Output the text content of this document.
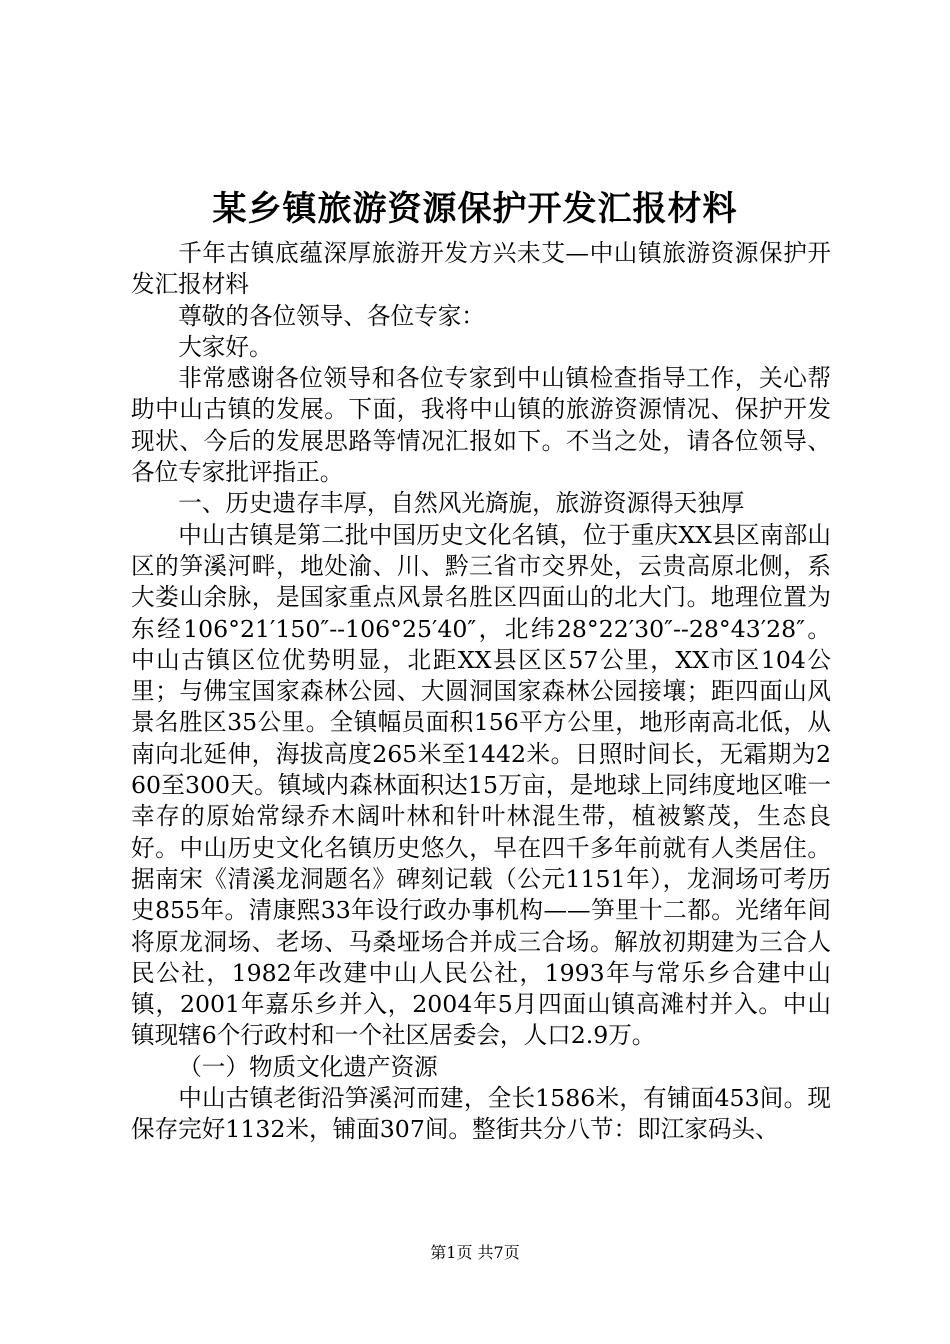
某乡镇旅游资源保护开发汇报材料

千年古镇底蕴深厚旅游开发方兴未艾—中山镇旅游资源保护开发汇报材料

尊敬的各位领导、各位专家：

大家好。

非常感谢各位领导和各位专家到中山镇检查指导工作，关心帮助中山古镇的发展。下面，我将中山镇的旅游资源情况、保护开发现状、今后的发展思路等情况汇报如下。不当之处，请各位领导、各位专家批评指正。

一、历史遗存丰厚，自然风光旖旎，旅游资源得天独厚

中山古镇是第二批中国历史文化名镇，位于重庆XX县区南部山区的笋溪河畔，地处渝、川、黔三省市交界处，云贵高原北侧，系大娄山余脉，是国家重点风景名胜区四面山的北大门。地理位置为东经106°21′150″--106°25′40″，北纬28°22′30″--28°43′28″。中山古镇区位优势明显，北距XX县区区57公里，XX市区104公里；与佛宝国家森林公园、大圆洞国家森林公园接壤；距四面山风景名胜区35公里。全镇幅员面积156平方公里，地形南高北低，从南向北延伸，海拔高度265米至1442米。日照时间长，无霜期为260至300天。镇域内森林面积达15万亩，是地球上同纬度地区唯一幸存的原始常绿乔木阔叶林和针叶林混生带，植被繁茂，生态良好。中山历史文化名镇历史悠久，早在四千多年前就有人类居住。据南宋《清溪龙洞题名》碑刻记载（公元1151年），龙洞场可考历史855年。清康熙33年设行政办事机构——笋里十二都。光绪年间将原龙洞场、老场、马桑垭场合并成三合场。解放初期建为三合人民公社，1982年改建中山人民公社，1993年与常乐乡合建中山镇，2001年嘉乐乡并入，2004年5月四面山镇高滩村并入。中山镇现辖6个行政村和一个社区居委会，人口2.9万。

（一）物质文化遗产资源

中山古镇老街沿笋溪河而建，全长1586米，有铺面453间。现保存完好1132米，铺面307间。整街共分八节：即江家码头、

第1页 共7页
